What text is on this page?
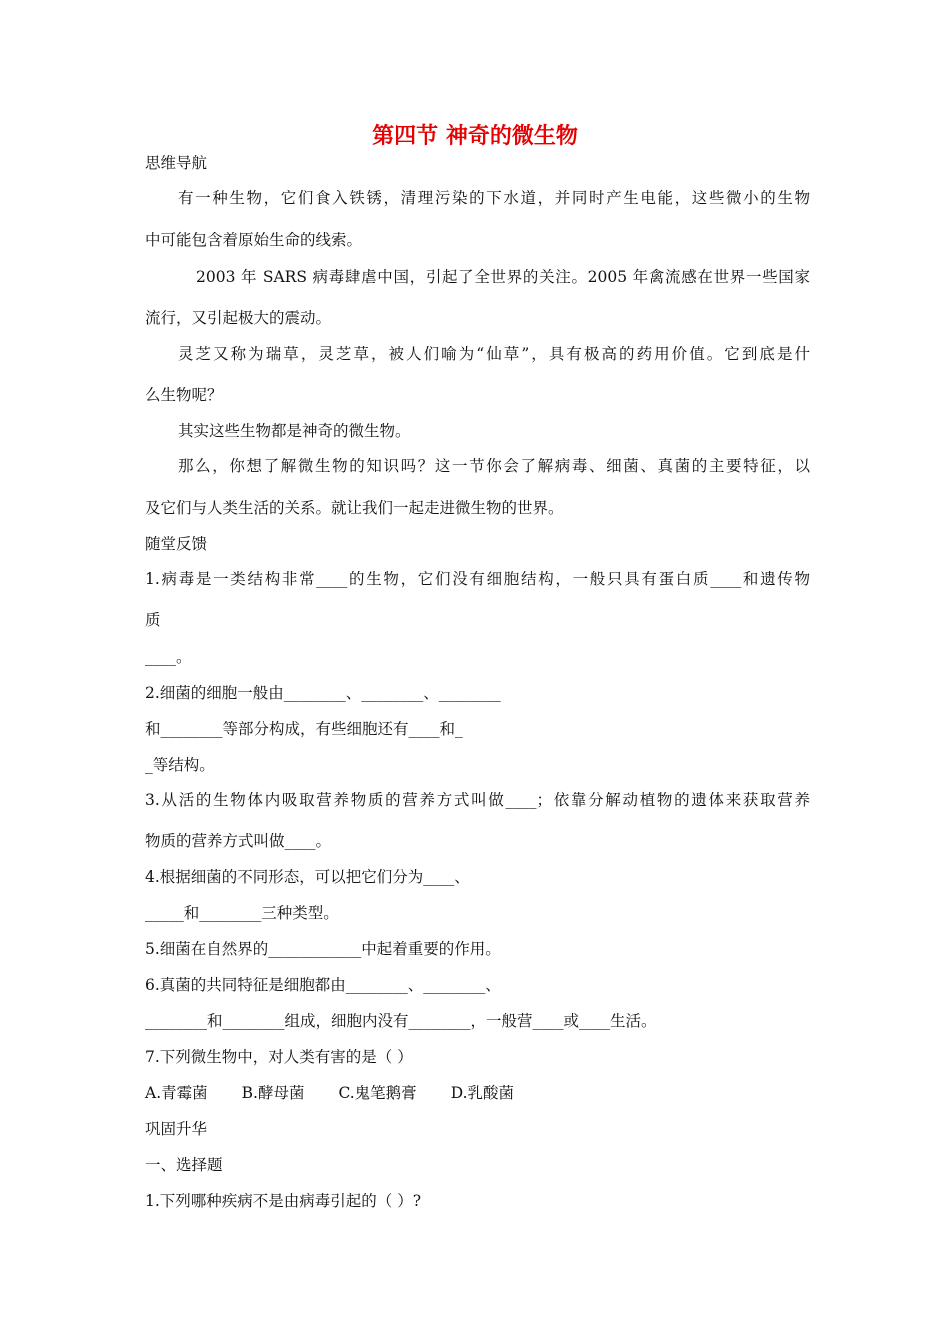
第四节 神奇的微生物
思维导航
有一种生物，它们食入铁锈，清理污染的下水道，并同时产生电能，这些微小的生物
中可能包含着原始生命的线索。
2003 年 SARS 病毒肆虐中国，引起了全世界的关注。2005 年禽流感在世界一些国家
流行，又引起极大的震动。
灵芝又称为瑞草，灵芝草，被人们喻为“仙草”，具有极高的药用价值。它到底是什
么生物呢？
其实这些生物都是神奇的微生物。
那么，你想了解微生物的知识吗？这一节你会了解病毒、细菌、真菌的主要特征，以
及它们与人类生活的关系。就让我们一起走进微生物的世界。
随堂反馈
1.病毒是一类结构非常____的生物，它们没有细胞结构，一般只具有蛋白质____和遗传物
质
____。
2.细菌的细胞一般由________、________、________
和________等部分构成，有些细胞还有____和_
_等结构。
3.从活的生物体内吸取营养物质的营养方式叫做____；依靠分解动植物的遗体来获取营养
物质的营养方式叫做____。
4.根据细菌的不同形态，可以把它们分为____、
_____和________三种类型。
5.细菌在自然界的____________中起着重要的作用。
6.真菌的共同特征是细胞都由________、________、
________和________组成，细胞内没有________，一般营____或____生活。
7.下列微生物中，对人类有害的是（ ）
A.青霉菌 B.酵母菌 C.鬼笔鹅膏 D.乳酸菌
巩固升华
一、选择题
1.下列哪种疾病不是由病毒引起的（ ）?
